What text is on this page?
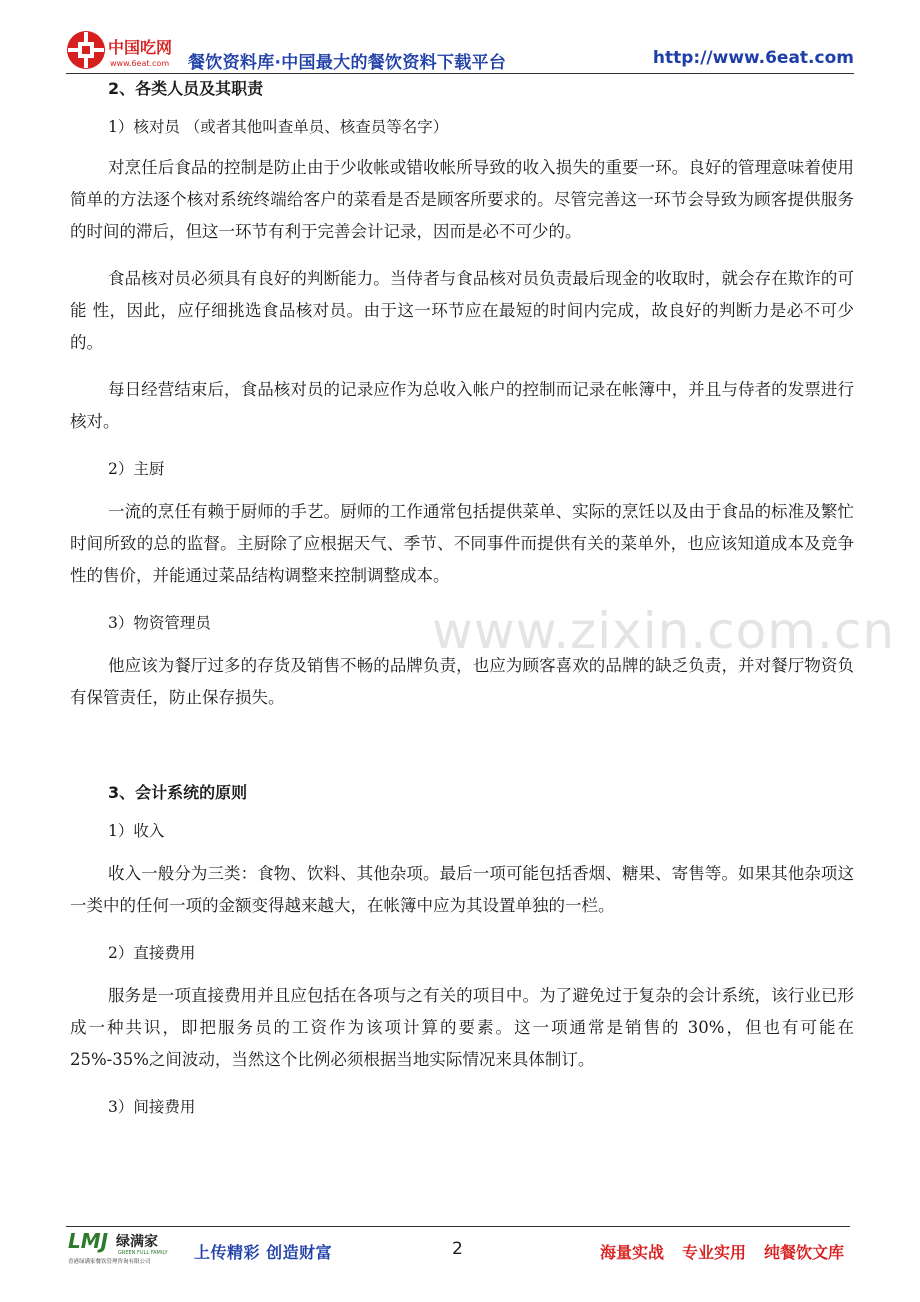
中国吃网
www.6eat.com 餐饮资料库·中国最大的餐饮资料下载平台	http://www.6eat.com
www.zixin.com.cn

2、各类人员及其职责

1）核对员 （或者其他叫查单员、核查员等名字）

对烹任后食品的控制是防止由于少收帐或错收帐所导致的收入损失的重要一环。良好的管理意味着使用简单的方法逐个核对系统终端给客户的菜看是否是顾客所要求的。尽管完善这一环节会导致为顾客提供服务的时间的滞后，但这一环节有利于完善会计记录，因而是必不可少的。

食品核对员必须具有良好的判断能力。当侍者与食品核对员负责最后现金的收取时，就会存在欺诈的可能 性，因此，应仔细挑选食品核对员。由于这一环节应在最短的时间内完成，故良好的判断力是必不可少的。

每日经营结束后，食品核对员的记录应作为总收入帐户的控制而记录在帐簿中，并且与侍者的发票进行核对。

2）主厨

一流的烹任有赖于厨师的手艺。厨师的工作通常包括提供菜单、实际的烹饪以及由于食品的标准及繁忙时间所致的总的监督。主厨除了应根据天气、季节、不同事件而提供有关的菜单外，也应该知道成本及竞争性的售价，并能通过菜品结构调整来控制调整成本。

3）物资管理员

他应该为餐厅过多的存货及销售不畅的品牌负责，也应为顾客喜欢的品牌的缺乏负责，并对餐厅物资负有保管责任，防止保存损失。

3、会计系统的原则

1）收入

收入一般分为三类：食物、饮料、其他杂项。最后一项可能包括香烟、糖果、寄售等。如果其他杂项这一类中的任何一项的金额变得越来越大，在帐簿中应为其设置单独的一栏。

2）直接费用

服务是一项直接费用并且应包括在各项与之有关的项目中。为了避免过于复杂的会计系统，该行业已形成一种共识，即把服务员的工资作为该项计算的要素。这一项通常是销售的 30%，但也有可能在 25%-35%之间波动，当然这个比例必须根据当地实际情况来具体制订。

3）间接费用

LMJ 绿满家
GREEN FULL FAMILY
香港绿满家餐饮管理咨询有限公司	上传精彩 创造财富	2	海量实战 专业实用 纯餐饮文库
